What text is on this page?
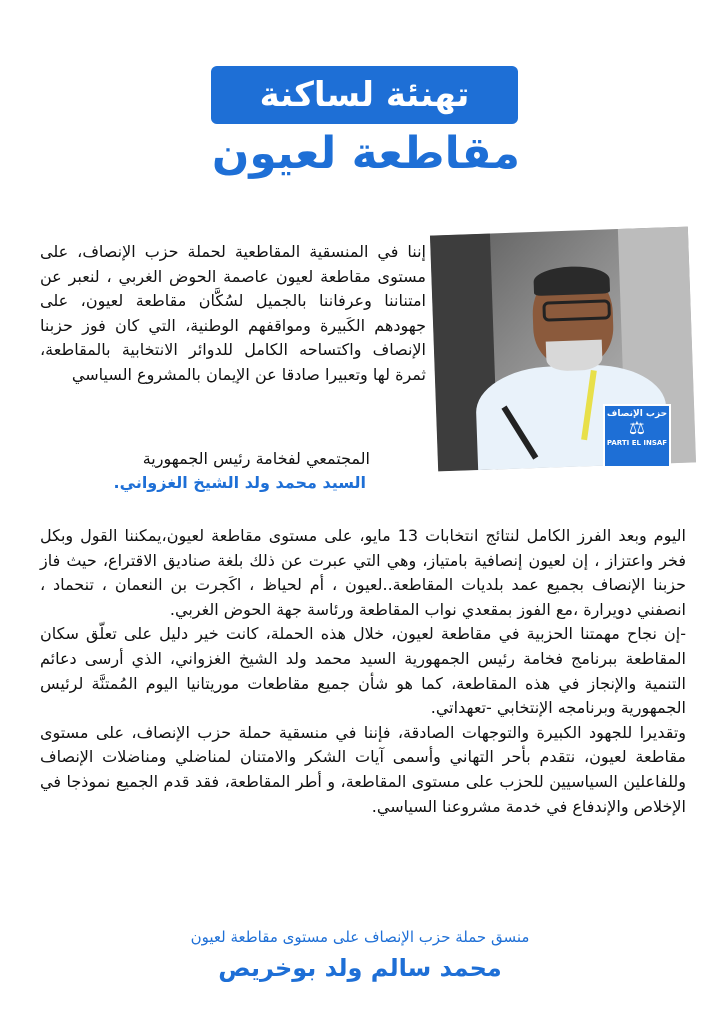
تهنئة لساكنة
مقاطعة لعيون
حزب الإنصاف
⚖
PARTI EL INSAF
إننا في المنسقية المقاطعية لحملة حزب الإنصاف، على مستوى مقاطعة لعيون عاصمة الحوض الغربي ، لنعبر عن امتناننا وعرفاننا بالجميل لسُكَّان مقاطعة لعيون، على جهودهم الكَبيرة ومواقفهم الوطنية، التي كان فوز حزبنا الإنصاف واكتساحه الكامل للدوائر الانتخابية بالمقاطعة، ثمرة لها وتعبيرا صادقا عن الإيمان بالمشروع السياسي
المجتمعي لفخامة رئيس الجمهورية
السيد محمد ولد الشيخ الغزواني.
اليوم وبعد الفرز الكامل لنتائج انتخابات 13 مايو، على مستوى مقاطعة لعيون،يمكننا القول وبكل فخر واعتزاز ، إن لعيون إنصافية بامتياز، وهي التي عبرت عن ذلك بلغة صناديق الاقتراع، حيث فاز حزبنا الإنصاف بجميع عمد بلديات المقاطعة..لعيون ، أم لحياظ ، اكَجرت بن النعمان ، تنحماد ، انصفني دويرارة ،مع الفوز بمقعدي نواب المقاطعة ورئاسة جهة الحوض الغربي.
-إن نجاح مهمتنا الحزبية في مقاطعة لعيون، خلال هذه الحملة، كانت خير دليل على تعلّق سكان المقاطعة ببرنامج فخامة رئيس الجمهورية السيد محمد ولد الشيخ الغزواني، الذي أرسى دعائم التنمية والإنجاز في هذه المقاطعة، كما هو شأن جميع مقاطعات موريتانيا اليوم المُمتنَّة لرئيس الجمهورية وبرنامجه الإنتخابي -تعهداتي.
وتقديرا للجهود الكبيرة والتوجهات الصادقة، فإننا في منسقية حملة حزب الإنصاف، على مستوى مقاطعة لعيون، نتقدم بأحر التهاني وأسمى آيات الشكر والامتنان لمناضلي ومناضلات الإنصاف وللفاعلين السياسيين للحزب على مستوى المقاطعة، و أطر المقاطعة، فقد قدم الجميع نموذجا في الإخلاص والإندفاع في خدمة مشروعنا السياسي.
منسق حملة حزب الإنصاف على مستوى مقاطعة لعيون
محمد سالم ولد بوخريص
